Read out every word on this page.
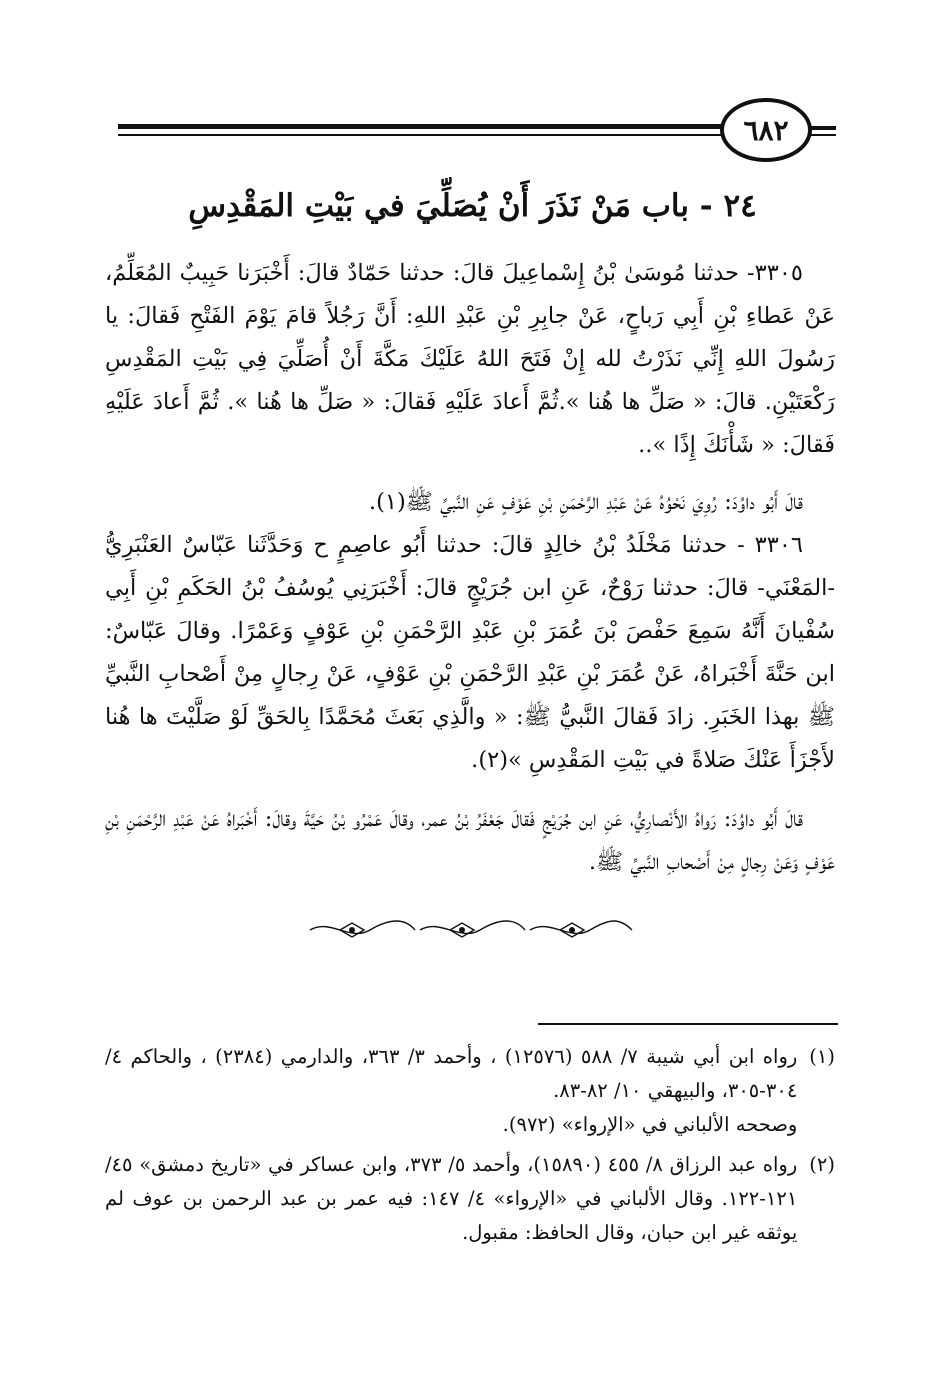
٦٨٢
٢٤ - باب مَنْ نَذَرَ أَنْ يُصَلِّيَ في بَيْتِ المَقْدِسِ

٣٣٠٥- حدثنا مُوسَىٰ بْنُ إِسْماعِيلَ قالَ: حدثنا حَمّادٌ قالَ: أَخْبَرَنا حَبِيبٌ المُعَلِّمُ، عَنْ عَطاءِ بْنِ أَبِي رَباحٍ، عَنْ جابِرِ بْنِ عَبْدِ اللهِ: أَنَّ رَجُلاً قامَ يَوْمَ الفَتْحِ فَقالَ: يا رَسُولَ اللهِ إِنِّي نَذَرْتُ لله إِنْ فَتَحَ اللهُ عَلَيْكَ مَكَّةَ أَنْ أُصَلِّيَ فِي بَيْتِ المَقْدِسِ رَكْعَتَيْنِ. قالَ: « صَلِّ ها هُنا ».ثُمَّ أَعادَ عَلَيْهِ فَقالَ: « صَلِّ ها هُنا ». ثُمَّ أَعادَ عَلَيْهِ فَقالَ: « شَأْنَكَ إِذًا »..

قالَ أَبُو داوُدَ: رُوِيَ نَحْوُهُ عَنْ عَبْدِ الرَّحْمَنِ بْنِ عَوْفٍ عَنِ النَّبيِّ ﷺ(١).

٣٣٠٦ - حدثنا مَخْلَدُ بْنُ خالِدٍ قالَ: حدثنا أَبُو عاصِمٍ ح وَحَدَّثَنا عَبّاسٌ العَنْبَرِيُّ -المَعْنَي- قالَ: حدثنا رَوْحٌ، عَنِ ابن جُرَيْجٍ قالَ: أَخْبَرَنِي يُوسُفُ بْنُ الحَكَمِ بْنِ أَبِي سُفْيانَ أَنَّهُ سَمِعَ حَفْصَ بْنَ عُمَرَ بْنِ عَبْدِ الرَّحْمَنِ بْنِ عَوْفٍ وَعَمْرًا. وقالَ عَبّاسٌ: ابن حَنَّةَ أَخْبَراهُ، عَنْ عُمَرَ بْنِ عَبْدِ الرَّحْمَنِ بْنِ عَوْفٍ، عَنْ رِجالٍ مِنْ أَصْحابِ النَّبيِّ ﷺ بهذا الخَبَرِ. زادَ فَقالَ النَّبيُّ ﷺ: « والَّذِي بَعَثَ مُحَمَّدًا بِالحَقِّ لَوْ صَلَّيْتَ ها هُنا لأَجْزَأَ عَنْكَ صَلاةً في بَيْتِ المَقْدِسِ »(٢).

قالَ أَبُو داوُدَ: رَواهُ الأَنْصارِيُّ، عَنِ ابن جُرَيْجٍ فَقالَ جَعْفَرُ بْنُ عمر، وقالَ عَمْرُو بْنُ حَيَّةَ وقالَ: أَخْبَراهُ عَنْ عَبْدِ الرَّحْمَنِ بْنِ عَوْفٍ وَعَنْ رِجالٍ مِنْ أَصْحابِ النَّبيِّ ﷺ.

(١)
رواه ابن أبي شيبة ٧/ ٥٨٨ (١٢٥٧٦) ، وأحمد ٣/ ٣٦٣، والدارمي (٢٣٨٤) ، والحاكم ٤/ ٣٠٤-٣٠٥، والبيهقي ١٠/ ٨٢-٨٣.
وصححه الألباني في «الإرواء» (٩٧٢).
(٢)
رواه عبد الرزاق ٨/ ٤٥٥ (١٥٨٩٠)، وأحمد ٥/ ٣٧٣، وابن عساكر في «تاريخ دمشق» ٤٥/ ١٢١-١٢٢. وقال الألباني في «الإرواء» ٤/ ١٤٧: فيه عمر بن عبد الرحمن بن عوف لم يوثقه غير ابن حبان، وقال الحافظ: مقبول.
